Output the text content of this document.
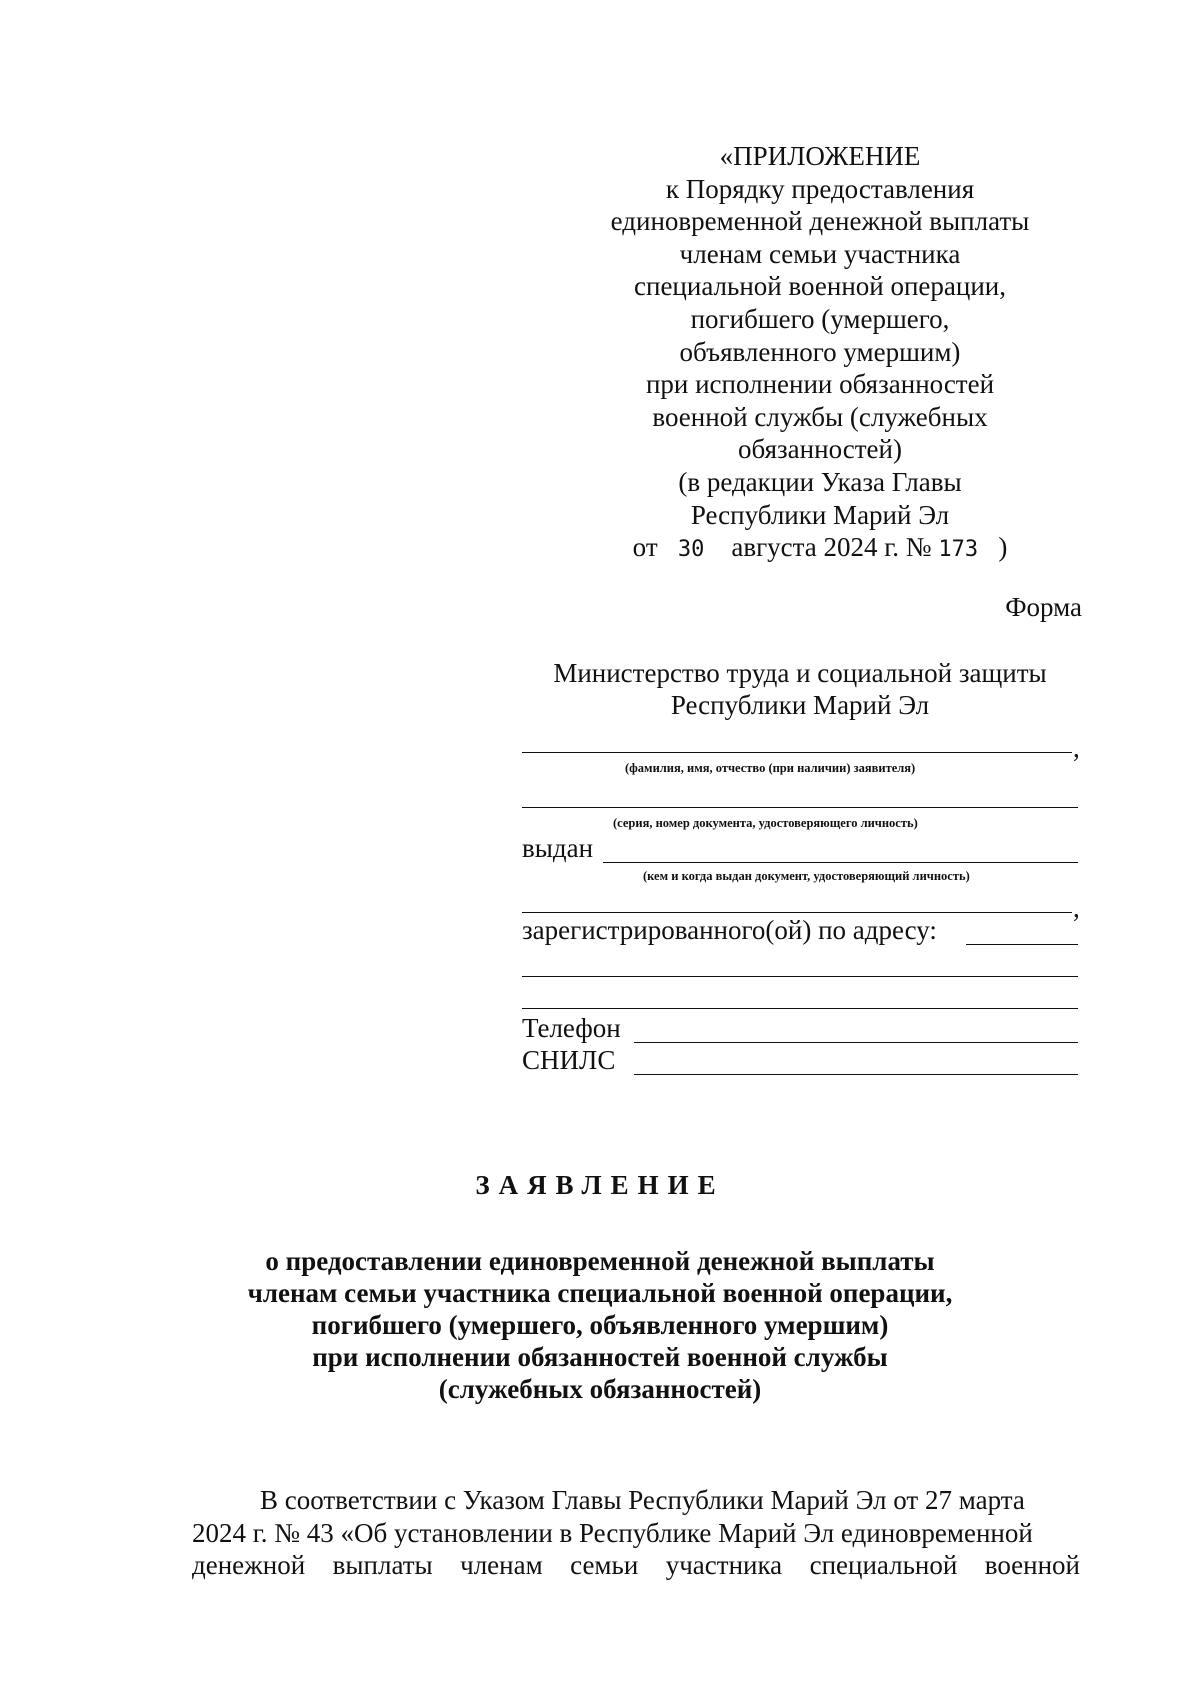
«ПРИЛОЖЕНИЕ
к Порядку предоставления
единовременной денежной выплаты
членам семьи участника
специальной военной операции,
погибшего (умершего,
объявленного умершим)
при исполнении обязанностей
военной службы (служебных
обязанностей)
(в редакции Указа Главы
Республики Марий Эл
от 30 августа 2024 г. № 173 )
Форма
Министерство труда и социальной защиты
Республики Марий Эл
,
(фамилия, имя, отчество (при наличии) заявителя)
(серия, номер документа, удостоверяющего личность)
выдан
(кем и когда выдан документ, удостоверяющий личность)
,
зарегистрированного(ой) по адресу:
Телефон
СНИЛС
ЗАЯВЛЕНИЕ
о предоставлении единовременной денежной выплаты
членам семьи участника специальной военной операции,
погибшего (умершего, объявленного умершим)
при исполнении обязанностей военной службы
(служебных обязанностей)
В соответствии с Указом Главы Республики Марий Эл от 27 марта
2024 г. № 43 «Об установлении в Республике Марий Эл единовременной
денежной выплаты членам семьи участника специальной военной
